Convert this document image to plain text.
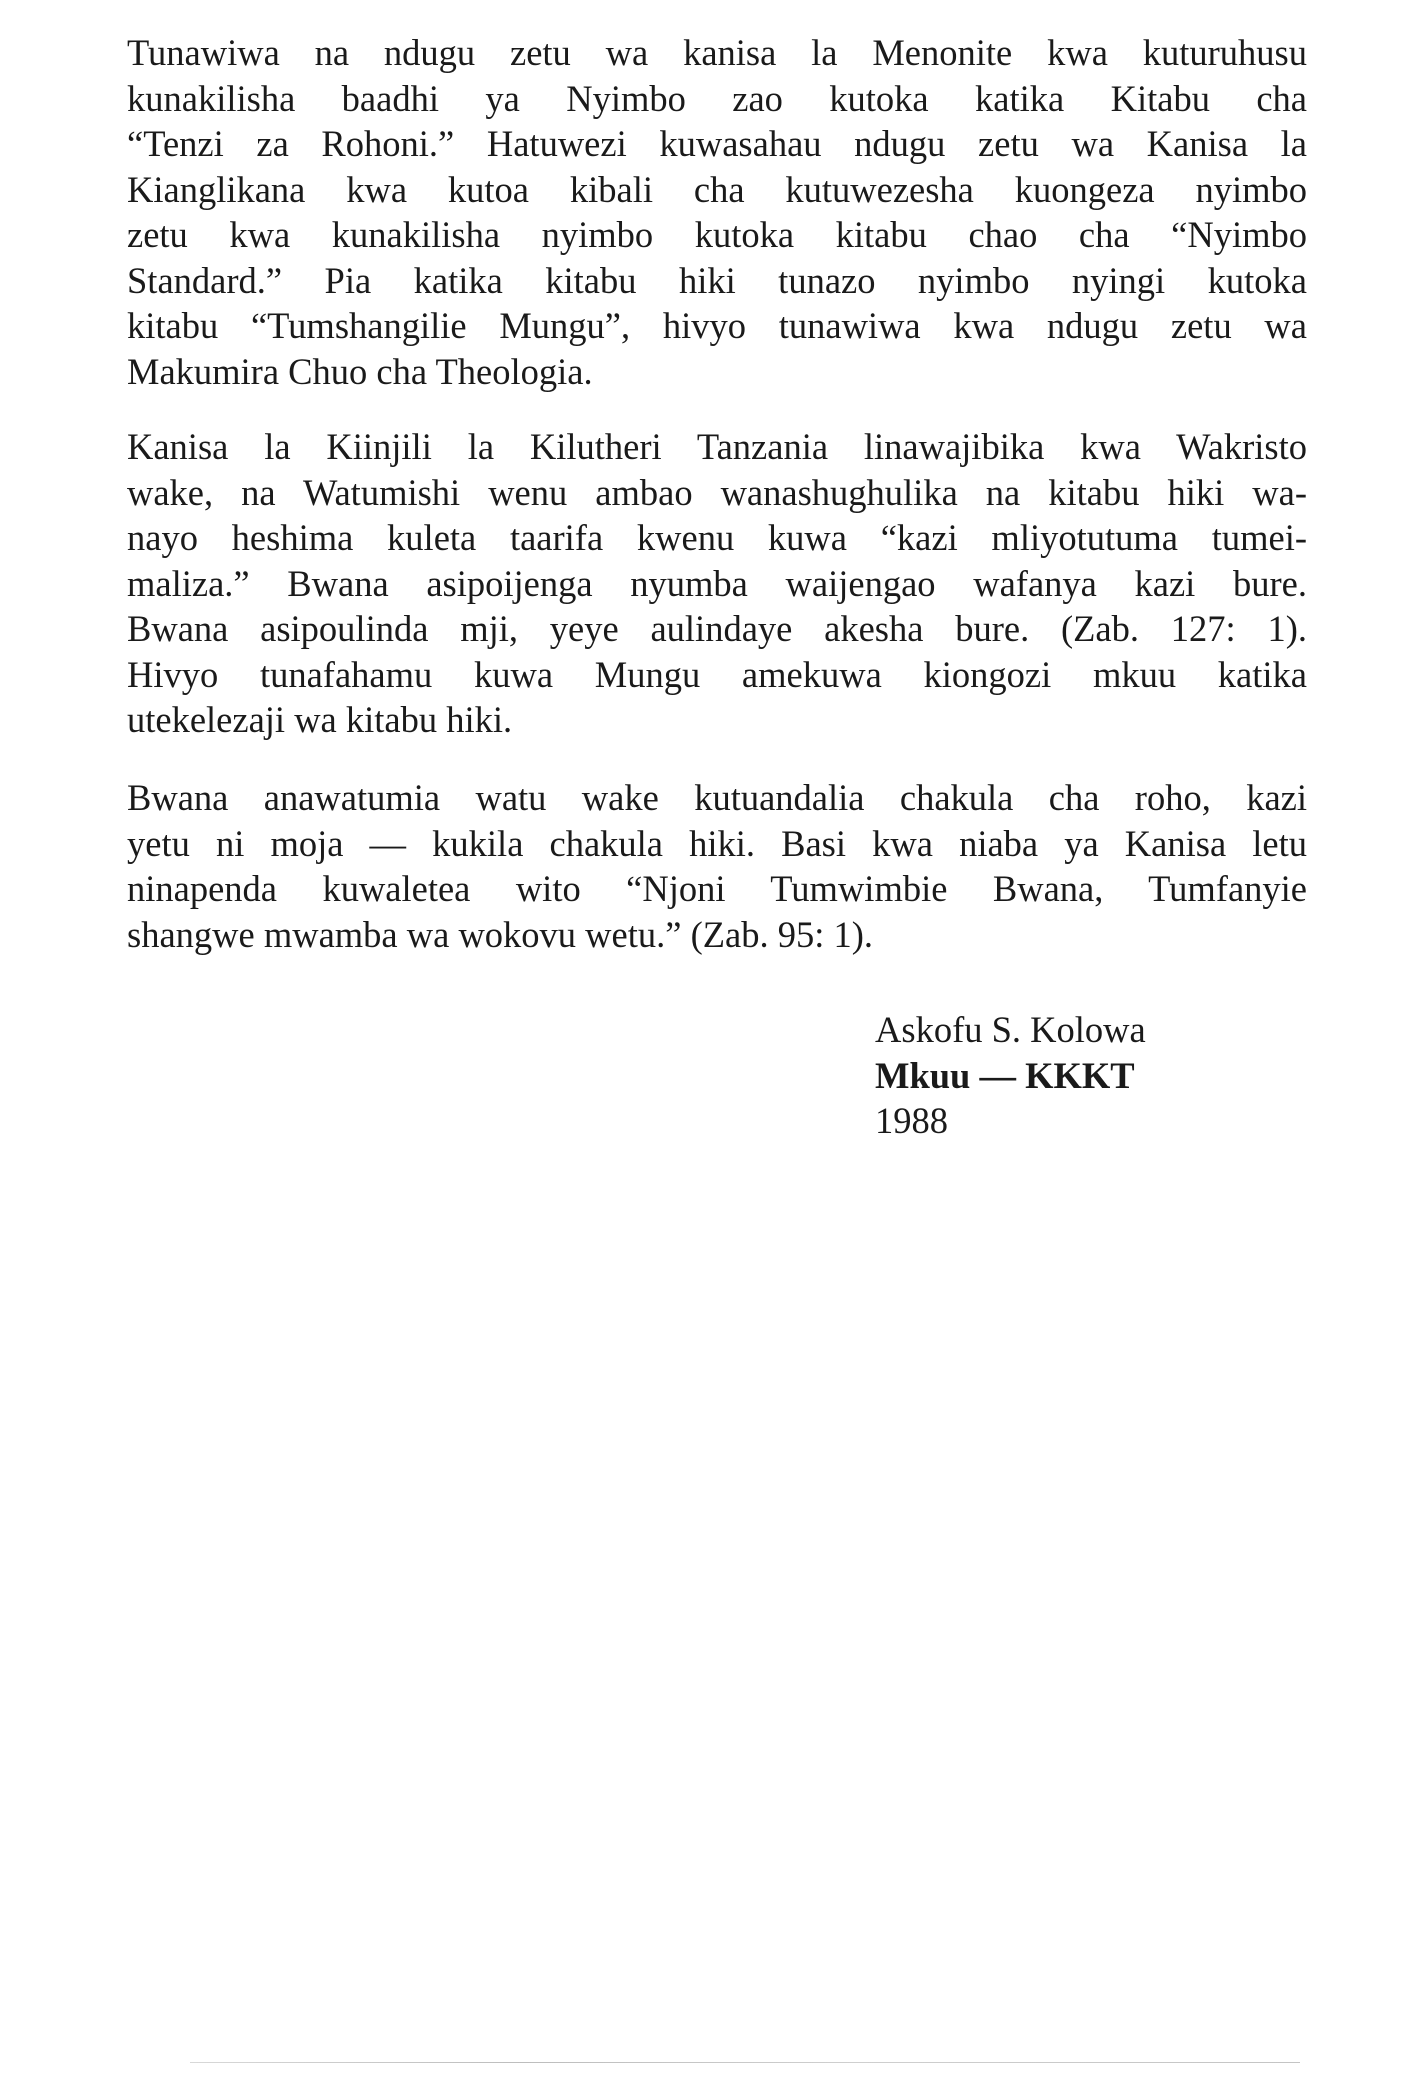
Tunawiwa na ndugu zetu wa kanisa la Menonite kwa kuturuhusu
kunakilisha baadhi ya Nyimbo zao kutoka katika Kitabu cha
“Tenzi za Rohoni.” Hatuwezi kuwasahau ndugu zetu wa Kanisa la
Kianglikana kwa kutoa kibali cha kutuwezesha kuongeza nyimbo
zetu kwa kunakilisha nyimbo kutoka kitabu chao cha “Nyimbo
Standard.” Pia katika kitabu hiki tunazo nyimbo nyingi kutoka
kitabu “Tumshangilie Mungu”, hivyo tunawiwa kwa ndugu zetu wa
Makumira Chuo cha Theologia.
Kanisa la Kiinjili la Kilutheri Tanzania linawajibika kwa Wakristo
wake, na Watumishi wenu ambao wanashughulika na kitabu hiki wa-
nayo heshima kuleta taarifa kwenu kuwa “kazi mliyotutuma tumei-
maliza.” Bwana asipoijenga nyumba waijengao wafanya kazi bure.
Bwana asipoulinda mji, yeye aulindaye akesha bure. (Zab. 127: 1).
Hivyo tunafahamu kuwa Mungu amekuwa kiongozi mkuu katika
utekelezaji wa kitabu hiki.
Bwana anawatumia watu wake kutuandalia chakula cha roho, kazi
yetu ni moja — kukila chakula hiki. Basi kwa niaba ya Kanisa letu
ninapenda kuwaletea wito “Njoni Tumwimbie Bwana, Tumfanyie
shangwe mwamba wa wokovu wetu.” (Zab. 95: 1).
Askofu S. Kolowa
Mkuu — KKKT
1988
